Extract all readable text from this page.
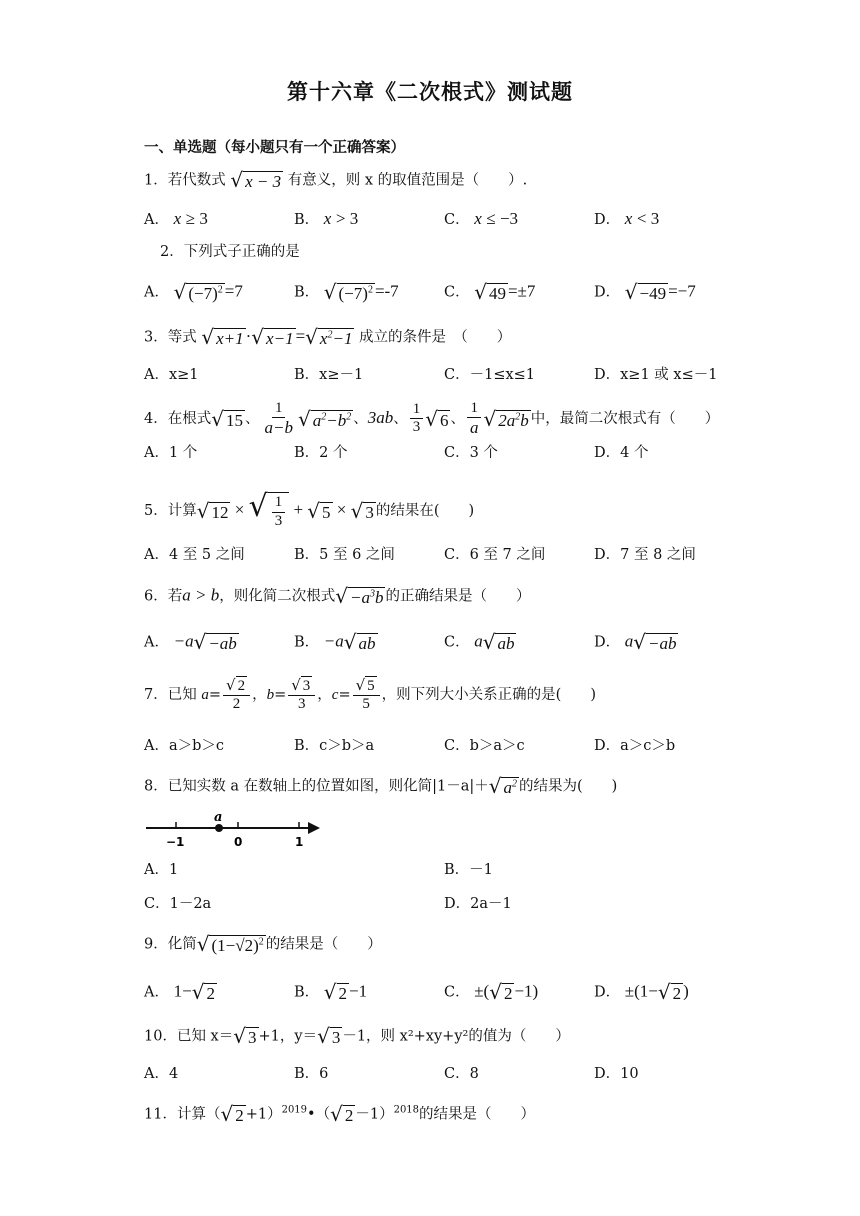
第十六章《二次根式》测试题
一、单选题（每小题只有一个正确答案）
1．若代数式 √ x − 3 有意义，则 x 的取值范围是（　　）.
A． x ≥ 3	B． x > 3	C． x ≤ −3	D． x < 3
2．下列式子正确的是
A． √ $(-7)^2 =7$	B． √ $(-7)^2 =-7$	C． √ 49 =±7	D． √ −49 =−7
3．等式 √ x+1 ·√ x−1 =√ $x^2-1$ 成立的条件是　（　　）
A．x≥1	B．x≥－1	C．－1≤x≤1	D．x≥1 或 x≤－1
4．在根式√ 15 、 $\frac{1}{a-b}$ √ $a^2-b^2$ 、3ab、 $\frac{1}{3}$ √ 6 、 $\frac{1}{a}$ √ $2a^2b$ 中，最简二次根式有（　　）
A．1 个	B．2 个	C．3 个	D．4 个
5．计算√ 12 × √ $\frac{1}{3}$ + √ 5 × √ 3 的结果在(　　)
A．4 至 5 之间	B．5 至 6 之间	C．6 至 7 之间	D．7 至 8 之间
6．若a > b，则化简二次根式√ $-a^3b$ 的正确结果是（　　）
A． −a√ −ab	B． −a√ ab	C． a√ ab	D． a√ −ab
7．已知 $a= \frac{√ 2}{2}$ ，$b= \frac{√ 3}{3}$ ，$c= \frac{√ 5}{5}$ ，则下列大小关系正确的是(　　)
A．a＞b＞c	B．c＞b＞a	C．b＞a＞c	D．a＞c＞b
8．已知实数 a 在数轴上的位置如图，则化简|1－a|＋√ $a^2$ 的结果为(　　)
a
−1	0	1
A．1	B．－1
C．1－2a	D．2a－1
9．化简√ $(1-√2)^2$ 的结果是（　　）
A． 1−√ 2	B． √ 2 −1	C． ±(√ 2 −1)	D． ±(1−√ 2 )
10．已知 x＝√ 3 +1，y＝√ 3 －1，则 x²+xy+y²的值为（　　）
A．4	B．6	C．8	D．10
11．计算（√ 2 +1）$^{2019}$•（√ 2 －1）$^{2018}$的结果是（　　）
